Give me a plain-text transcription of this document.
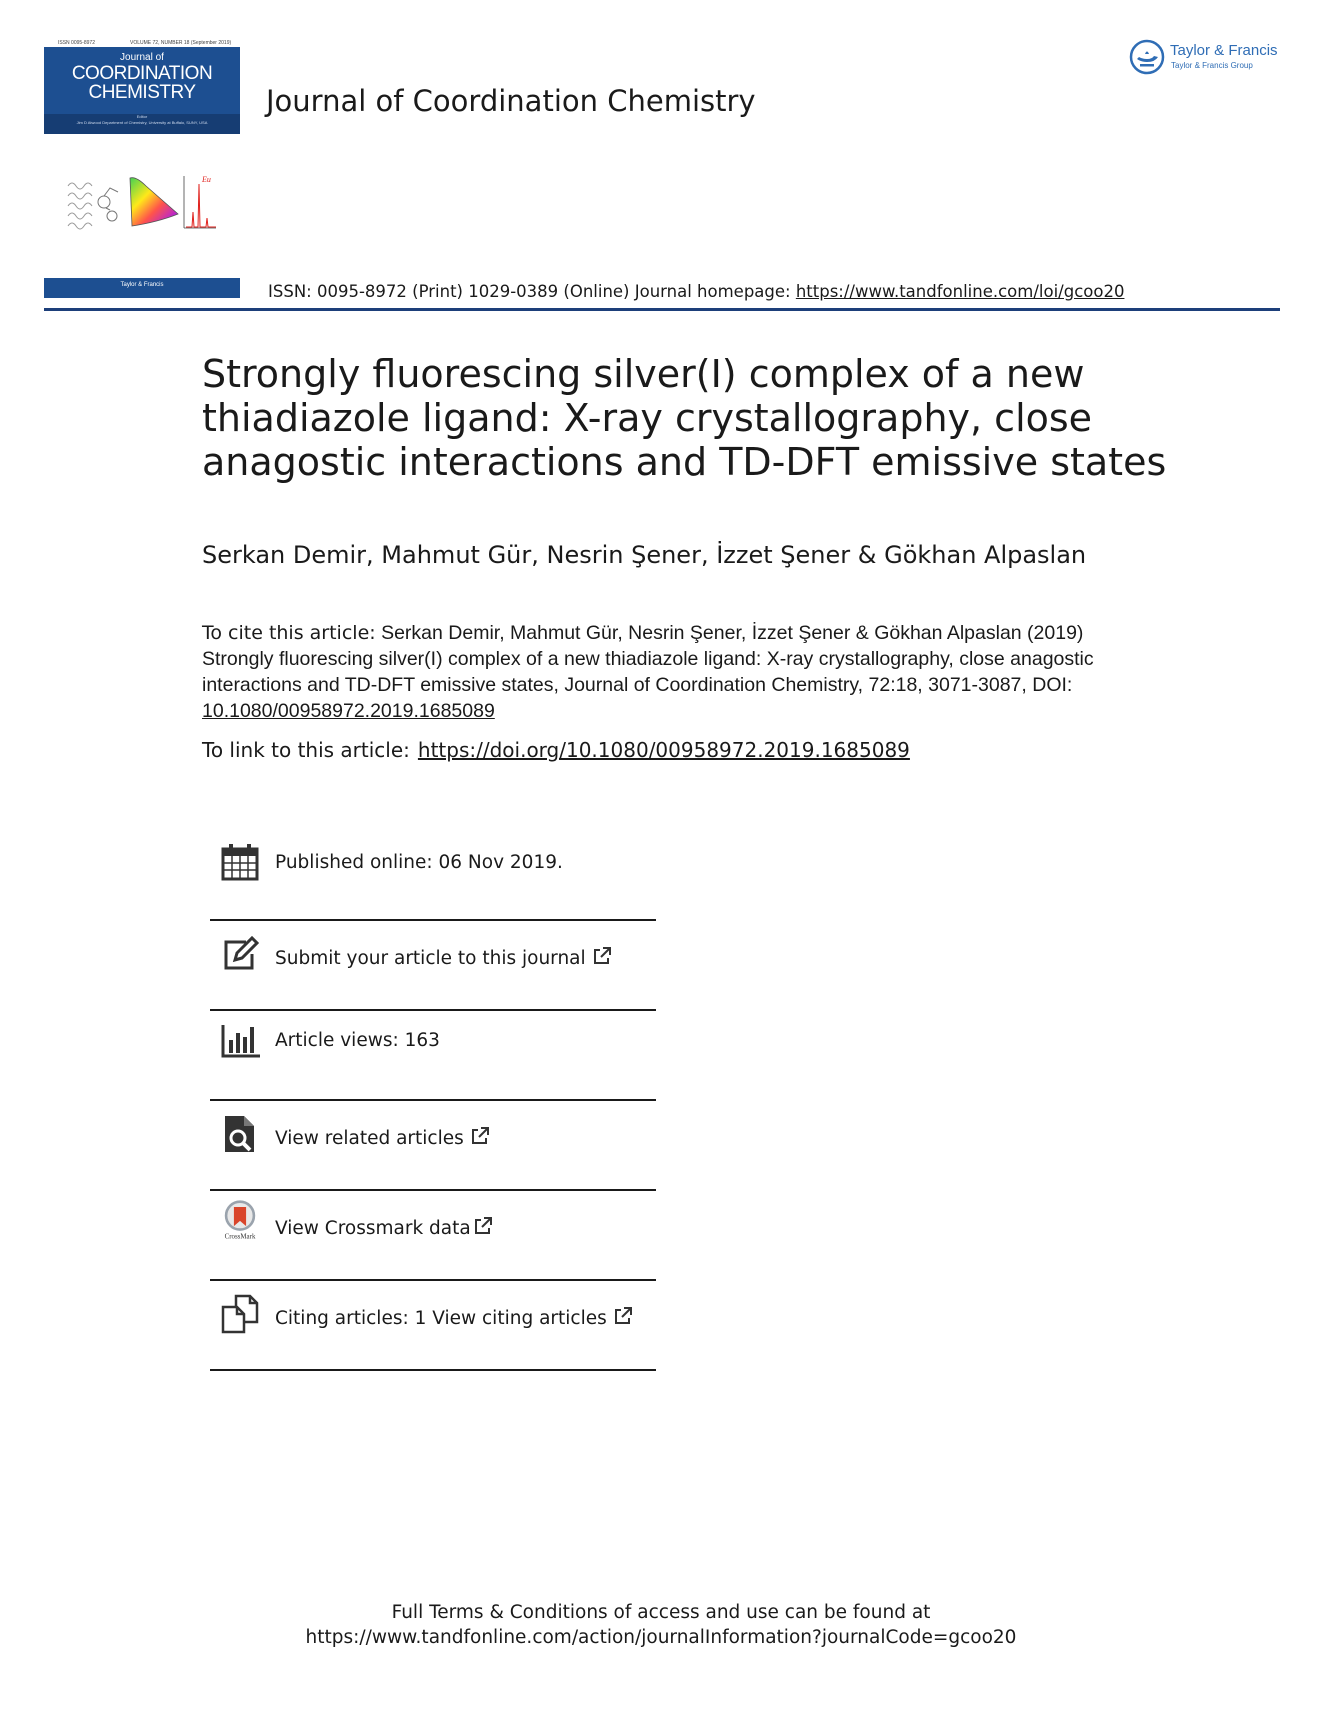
ISSN 0095-8972	VOLUME 72, NUMBER 18 (September 2019)
Journal of
COORDINATION
CHEMISTRY
Editor
Jim D Atwood Department of Chemistry, University at Buffalo, SUNY, USA
Journal of Coordination Chemistry
Taylor & Francis
Taylor & Francis Group
Eu
Taylor & Francis	ISSN: 0095-8972 (Print) 1029-0389 (Online) Journal homepage: https://www.tandfonline.com/loi/gcoo20
Strongly fluorescing silver(I) complex of a new thiadiazole ligand: X-ray crystallography, close anagostic interactions and TD-DFT emissive states
Serkan Demir, Mahmut Gür, Nesrin Şener, İzzet Şener & Gökhan Alpaslan
To cite this article: Serkan Demir, Mahmut Gür, Nesrin Şener, İzzet Şener & Gökhan Alpaslan (2019) Strongly fluorescing silver(I) complex of a new thiadiazole ligand: X-ray crystallography, close anagostic interactions and TD-DFT emissive states, Journal of Coordination Chemistry, 72:18, 3071-3087, DOI: 10.1080/00958972.2019.1685089
To link to this article: https://doi.org/10.1080/00958972.2019.1685089
Published online: 06 Nov 2019.
Submit your article to this journal
Article views: 163
View related articles
CrossMark View Crossmark data
Citing articles: 1 View citing articles
Full Terms & Conditions of access and use can be found at
https://www.tandfonline.com/action/journalInformation?journalCode=gcoo20
